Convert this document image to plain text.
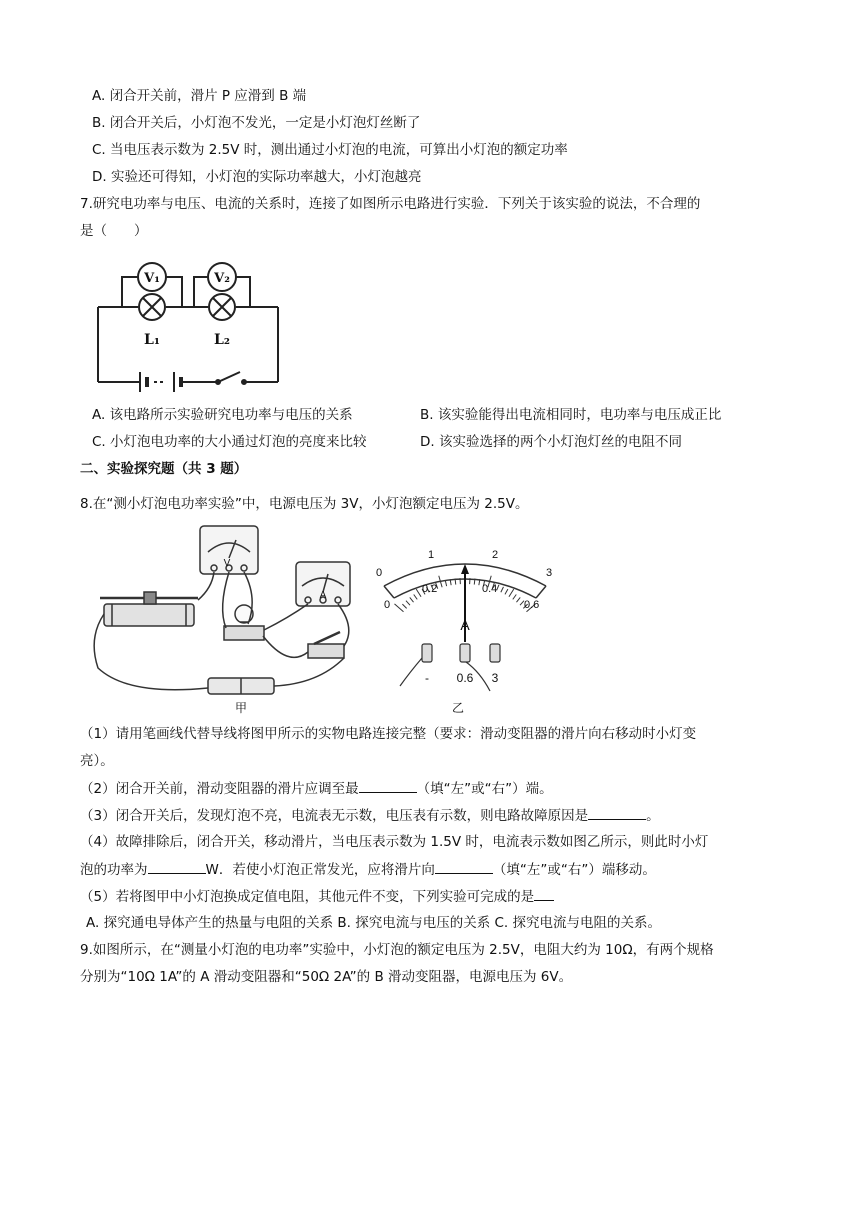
A. 闭合开关前，滑片 P 应滑到 B 端
B. 闭合开关后，小灯泡不发光，一定是小灯泡灯丝断了
C. 当电压表示数为 2.5V 时，测出通过小灯泡的电流，可算出小灯泡的额定功率
D. 实验还可得知，小灯泡的实际功率越大，小灯泡越亮
7.研究电功率与电压、电流的关系时，连接了如图所示电路进行实验．下列关于该实验的说法，不合理的
是（　　）
V₁	V₂
L₁	L₂
A. 该电路所示实验研究电功率与电压的关系	B. 该实验能得出电流相同时，电功率与电压成正比
C. 小灯泡电功率的大小通过灯泡的亮度来比较	D. 该实验选择的两个小灯泡灯丝的电阻不同
二、实验探究题（共 3 题）
8.在“测小灯泡电功率实验”中，电源电压为 3V，小灯泡额定电压为 2.5V。
V
A
甲
0
0.2	0.4
0.6
0
1	2
3
A
- 0.6 3
乙
（1）请用笔画线代替导线将图甲所示的实物电路连接完整（要求：滑动变阻器的滑片向右移动时小灯变
亮）。
（2）闭合开关前，滑动变阻器的滑片应调至最	（填“左”或“右”）端。
（3）闭合开关后，发现灯泡不亮，电流表无示数，电压表有示数，则电路故障原因是	。
（4）故障排除后，闭合开关，移动滑片，当电压表示数为 1.5V 时，电流表示数如图乙所示，则此时小灯
泡的功率为	W．若使小灯泡正常发光，应将滑片向	（填“左”或“右”）端移动。
（5）若将图甲中小灯泡换成定值电阻，其他元件不变，下列实验可完成的是
A. 探究通电导体产生的热量与电阻的关系 B. 探究电流与电压的关系 C. 探究电流与电阻的关系。
9.如图所示，在“测量小灯泡的电功率”实验中，小灯泡的额定电压为 2.5V，电阻大约为 10Ω，有两个规格
分别为“10Ω 1A”的 A 滑动变阻器和“50Ω 2A”的 B 滑动变阻器，电源电压为 6V。
